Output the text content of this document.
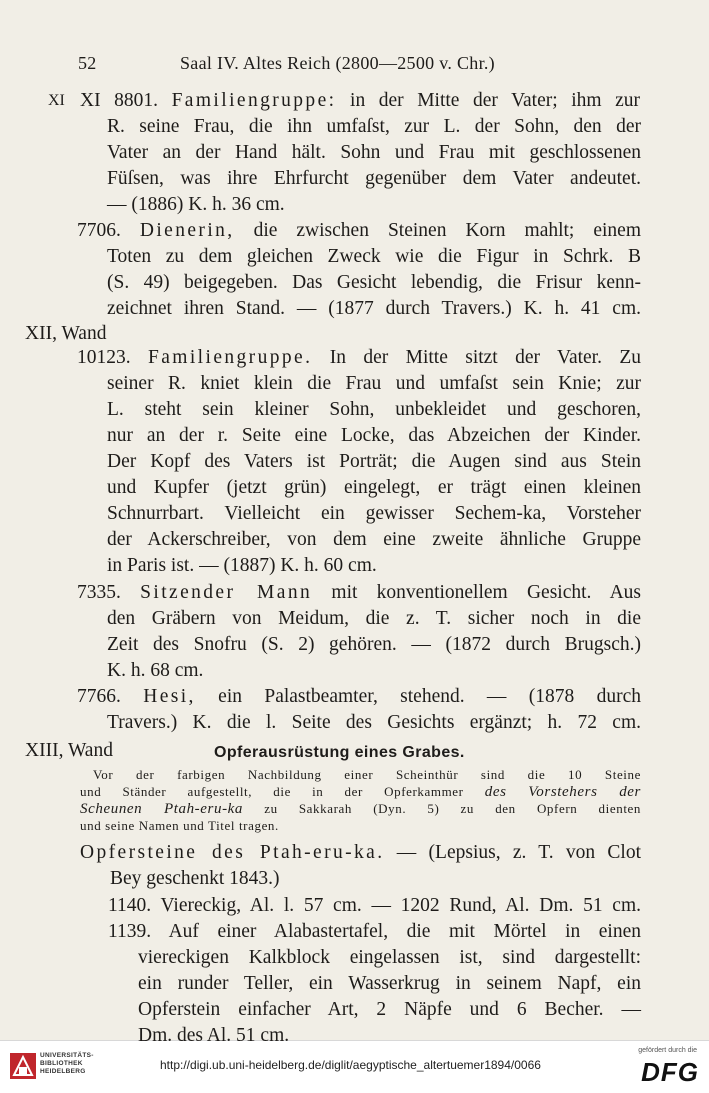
52	Saal IV. Altes Reich (2800—2500 v. Chr.)
XI XI 8801. Familiengruppe: in der Mitte der Vater; ihm zur
UNIVERSITÄTS-
BIBLIOTHEK
HEIDELBERG	http://digi.ub.uni-heidelberg.de/diglit/aegyptische_altertuemer1894/0066
gefördert durch die
DFG
R. seine Frau, die ihn umfaſst, zur L. der Sohn, den der
Vater an der Hand hält. Sohn und Frau mit geschlossenen
Füſsen, was ihre Ehrfurcht gegenüber dem Vater andeutet.
— (1886) K. h. 36 cm.
7706. Dienerin, die zwischen Steinen Korn mahlt; einem
Toten zu dem gleichen Zweck wie die Figur in Schrk. B
(S. 49) beigegeben. Das Gesicht lebendig, die Frisur kenn-
zeichnet ihren Stand. — (1877 durch Travers.) K. h. 41 cm.
XII, Wand
10123. Familiengruppe. In der Mitte sitzt der Vater. Zu
seiner R. kniet klein die Frau und umfaſst sein Knie; zur
L. steht sein kleiner Sohn, unbekleidet und geschoren,
nur an der r. Seite eine Locke, das Abzeichen der Kinder.
Der Kopf des Vaters ist Porträt; die Augen sind aus Stein
und Kupfer (jetzt grün) eingelegt, er trägt einen kleinen
Schnurrbart. Vielleicht ein gewisser Sechem-ka, Vorsteher
der Ackerschreiber, von dem eine zweite ähnliche Gruppe
in Paris ist. — (1887) K. h. 60 cm.
7335. Sitzender Mann mit konventionellem Gesicht. Aus
den Gräbern von Meidum, die z. T. sicher noch in die
Zeit des Snofru (S. 2) gehören. — (1872 durch Brugsch.)
K. h. 68 cm.
7766. Hesi, ein Palastbeamter, stehend. — (1878 durch
Travers.) K. die l. Seite des Gesichts ergänzt; h. 72 cm.
XIII, Wand	Opferausrüstung eines Grabes.
Vor der farbigen Nachbildung einer Scheinthür sind die 10 Steine
und Ständer aufgestellt, die in der Opferkammer des Vorstehers der
Scheunen Ptah-eru-ka zu Sakkarah (Dyn. 5) zu den Opfern dienten
und seine Namen und Titel tragen.
Opfersteine des Ptah-eru-ka. — (Lepsius, z. T. von Clot
Bey geschenkt 1843.)
1140. Viereckig, Al. l. 57 cm. — 1202 Rund, Al. Dm. 51 cm.
1139. Auf einer Alabastertafel, die mit Mörtel in einen
viereckigen Kalkblock eingelassen ist, sind dargestellt:
ein runder Teller, ein Wasserkrug in seinem Napf, ein
Opferstein einfacher Art, 2 Näpfe und 6 Becher. —
Dm. des Al. 51 cm.
